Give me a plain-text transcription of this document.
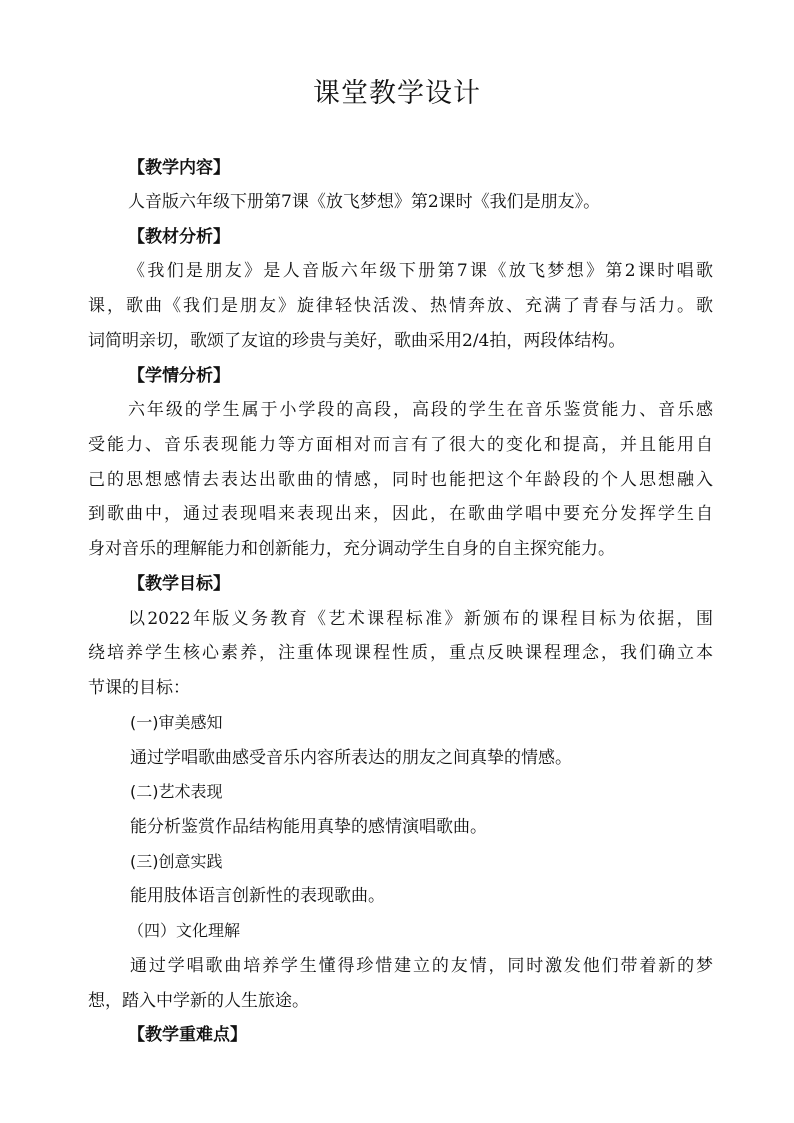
课堂教学设计
【教学内容】
人音版六年级下册第7课《放飞梦想》第2课时《我们是朋友》。
【教材分析】
《我们是朋友》是人音版六年级下册第7课《放飞梦想》第2课时唱歌
课，歌曲《我们是朋友》旋律轻快活泼、热情奔放、充满了青春与活力。歌
词简明亲切，歌颂了友谊的珍贵与美好，歌曲采用2/4拍，两段体结构。
【学情分析】
六年级的学生属于小学段的高段，高段的学生在音乐鉴赏能力、音乐感
受能力、音乐表现能力等方面相对而言有了很大的变化和提高，并且能用自
己的思想感情去表达出歌曲的情感，同时也能把这个年龄段的个人思想融入
到歌曲中，通过表现唱来表现出来，因此，在歌曲学唱中要充分发挥学生自
身对音乐的理解能力和创新能力，充分调动学生自身的自主探究能力。
【教学目标】
以2022年版义务教育《艺术课程标准》新颁布的课程目标为依据，围
绕培养学生核心素养，注重体现课程性质，重点反映课程理念，我们确立本
节课的目标：
(一)审美感知
通过学唱歌曲感受音乐内容所表达的朋友之间真挚的情感。
(二)艺术表现
能分析鉴赏作品结构能用真挚的感情演唱歌曲。
(三)创意实践
能用肢体语言创新性的表现歌曲。
（四）文化理解
通过学唱歌曲培养学生懂得珍惜建立的友情，同时激发他们带着新的梦
想，踏入中学新的人生旅途。
【教学重难点】
